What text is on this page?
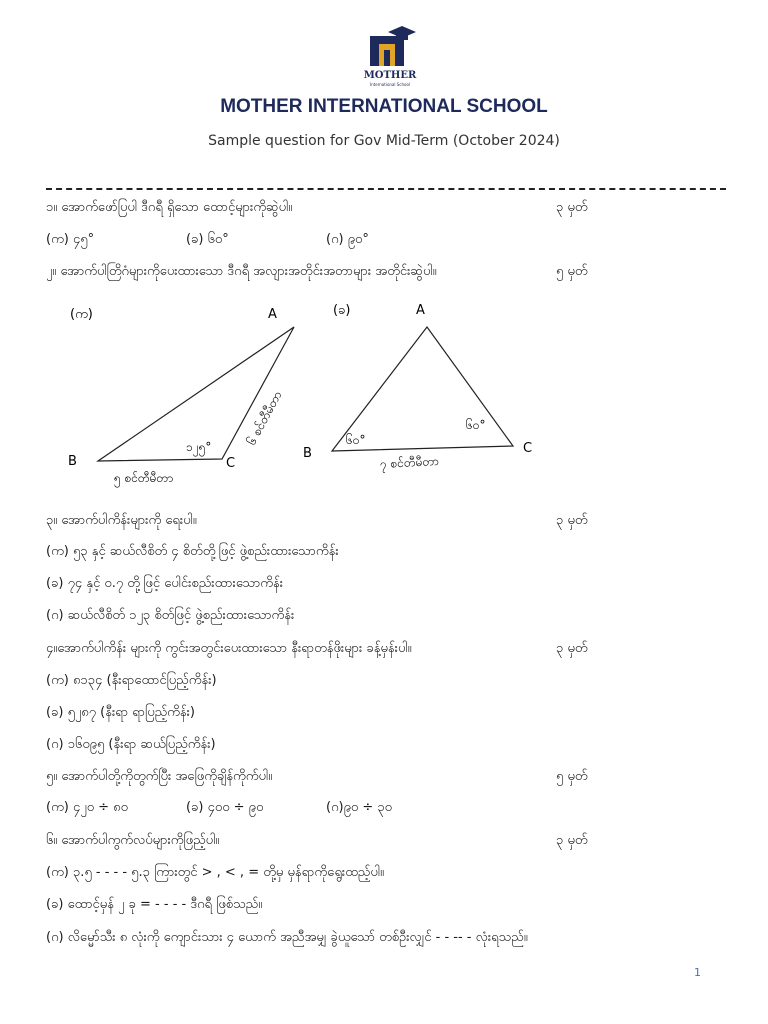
MOTHER
International School
MOTHER INTERNATIONAL SCHOOL
Sample question for Gov Mid-Term (October 2024)
၁။ အောက်ဖော်ပြပါ ဒီဂရီ ရှိသော ထောင့်များကိုဆွဲပါ။	၃ မှတ်
(က) ၄၅°	(ခ) ၆၀°	(ဂ) ၉၀°
၂။ အောက်ပါတြိဂံများကိုပေးထားသော ဒီဂရီ အလျားအတိုင်းအတာများ အတိုင်းဆွဲပါ။	၅ မှတ်
(က)	A
B	C
၁၂၅°
၅ စင်တီမီတာ
၆ စင်တီမီတာ
(ခ)	A
B	C
၆၀°
၆၀°
၇ စင်တီမီတာ
၃။ အောက်ပါကိန်းများကို ရေးပါ။	၃ မှတ်
(က) ၅၃ နှင့် ဆယ်လီစိတ် ၄ စိတ်တို့ဖြင့် ဖွဲ့စည်းထားသောကိန်း
(ခ) ၇၄ နှင့် ၀.၇ တို့ဖြင့် ပေါင်းစည်းထားသောကိန်း
(ဂ) ဆယ်လီစိတ် ၁၂၃ စိတ်ဖြင့် ဖွဲ့စည်းထားသောကိန်း
၄။အောက်ပါကိန်း များကို ကွင်းအတွင်းပေးထားသော နီးရာတန်ဖိုးများ ခန့်မှန်းပါ။	၃ မှတ်
(က) ၈၁၃၄ (နီးရာထောင်ပြည့်ကိန်း)
(ခ) ၅၂၈၇ (နီးရာ ရာပြည့်ကိန်း)
(ဂ) ၁၆၀၉၅ (နီးရာ ဆယ်ပြည့်ကိန်း)
၅။ အောက်ပါတို့ကိုတွက်ပြီး အဖြေကိုချိန်ကိုက်ပါ။	၅ မှတ်
(က) ၄၂၀ ÷ ၈၀	(ခ) ၄၀၀ ÷ ၉၀	(ဂ)၉၀ ÷ ၃၀
၆။ အောက်ပါကွက်လပ်များကိုဖြည့်ပါ။	၃ မှတ်
(က) ၃.၅ - - - - ၅.၃ ကြားတွင် > , < , = တို့မှ မှန်ရာကိုရွေးထည့်ပါ။
(ခ) ထောင့်မှန် ၂ ခု = - - - - ဒီဂရီ ဖြစ်သည်။
(ဂ) လိမ္မော်သီး ၈ လုံးကို ကျောင်းသား ၄ ယောက် အညီအမျှ ခွဲယူသော် တစ်ဦးလျှင် - - -- - လုံးရသည်။
1
